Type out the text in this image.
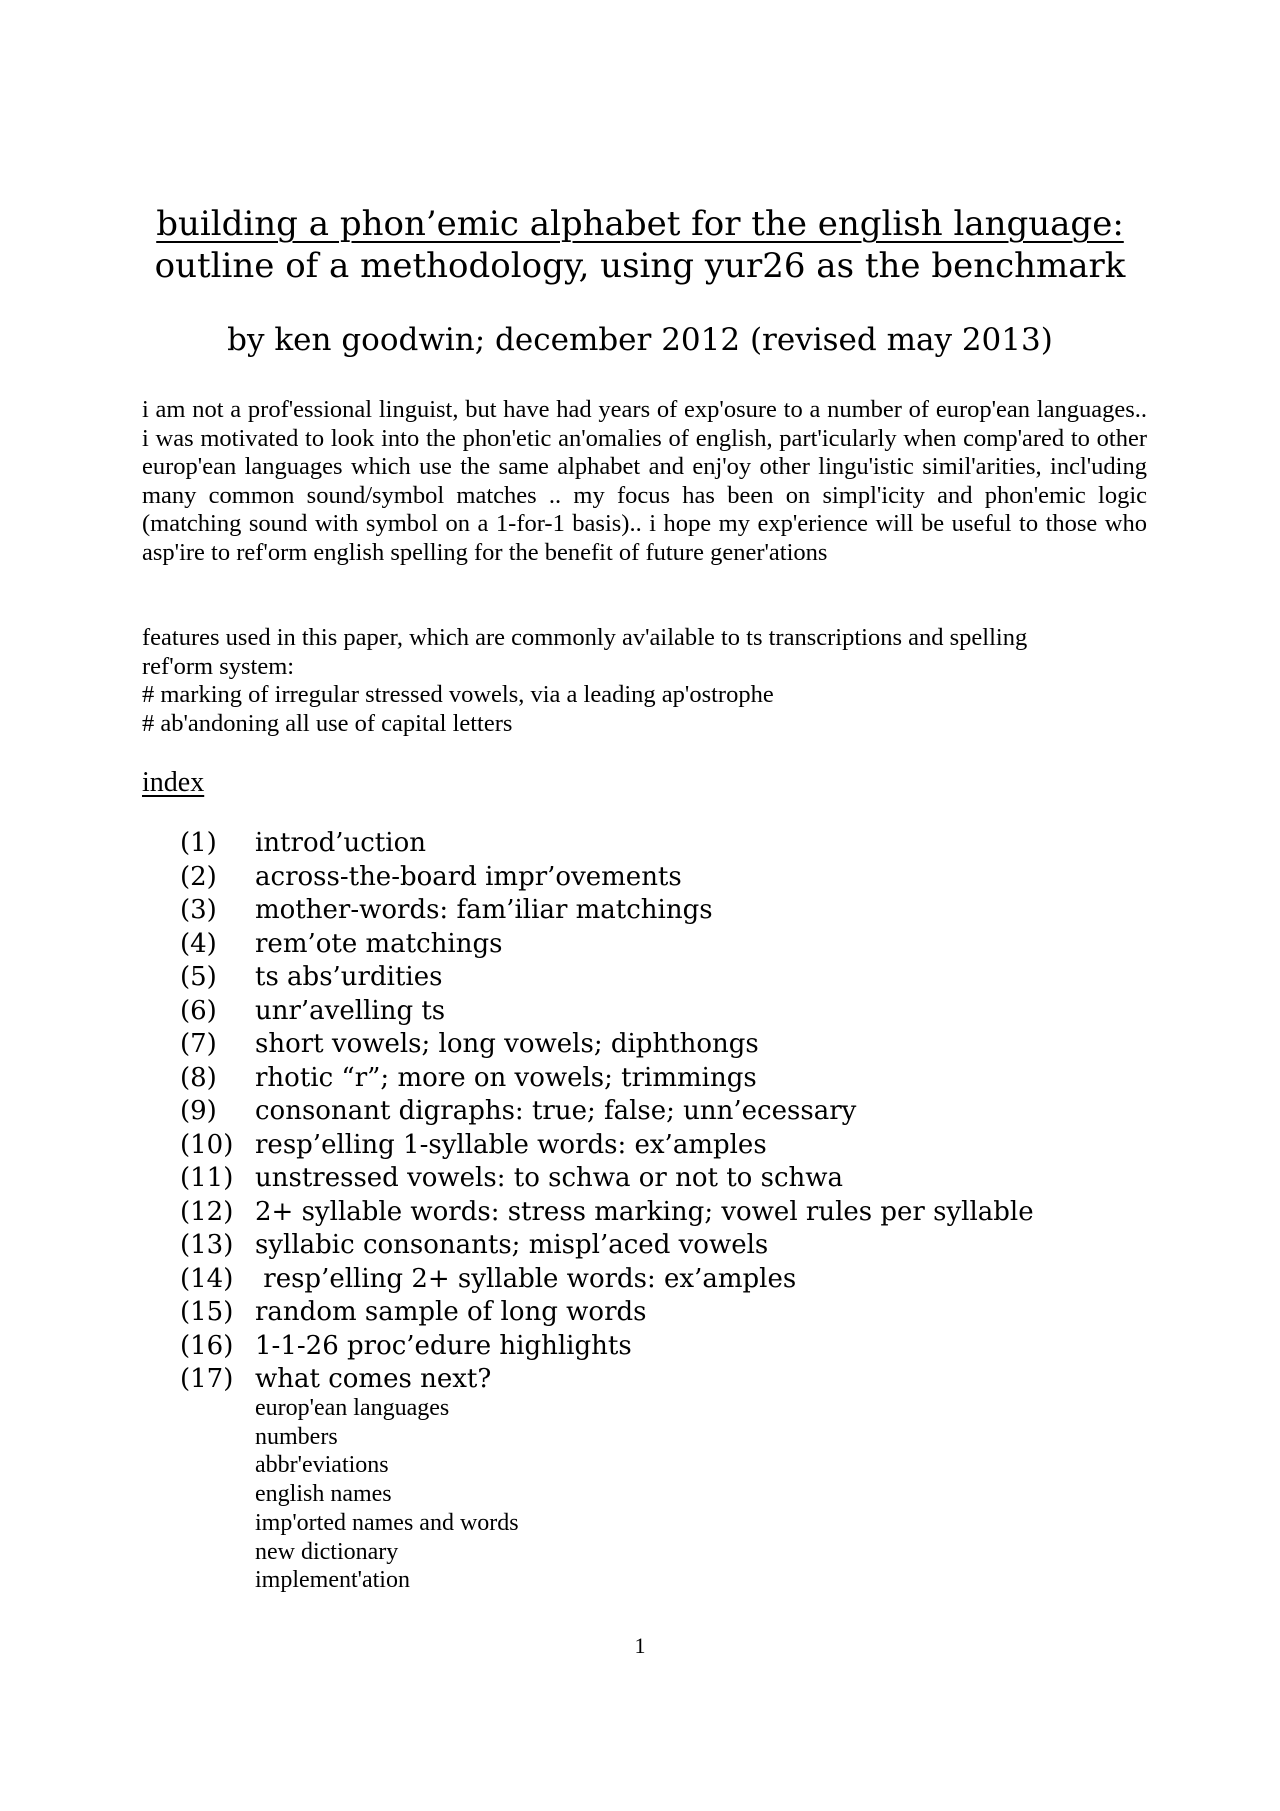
building a phon’emic alphabet for the english language:
outline of a methodology, using yur26 as the benchmark
by ken goodwin; december 2012 (revised may 2013)

i am not a prof'essional linguist, but have had years of exp'osure to a number of europ'ean languages.. i was motivated to look into the phon'etic an'omalies of english, part'icularly when comp'ared to other europ'ean languages which use the same alphabet and enj'oy other lingu'istic simil'arities, incl'uding many common sound/symbol matches .. my focus has been on simpl'icity and phon'emic logic (matching sound with symbol on a 1-for-1 basis).. i hope my exp'erience will be useful to those who asp'ire to ref'orm english spelling for the benefit of future gener'ations

features used in this paper, which are commonly av'ailable to ts transcriptions and spelling
ref'orm system:
# marking of irregular stressed vowels, via a leading ap'ostrophe
# ab'andoning all use of capital letters
index
(1)	introd’uction
(2)	across-the-board impr’ovements
(3)	mother-words: fam’iliar matchings
(4)	rem’ote matchings
(5)	ts abs’urdities
(6)	unr’avelling ts
(7)	short vowels; long vowels; diphthongs
(8)	rhotic “r”; more on vowels; trimmings
(9)	consonant digraphs: true; false; unn’ecessary
(10) resp’elling 1-syllable words: ex’amples
(11) unstressed vowels: to schwa or not to schwa
(12) 2+ syllable words: stress marking; vowel rules per syllable
(13) syllabic consonants; mispl’aced vowels
(14) resp’elling 2+ syllable words: ex’amples
(15) random sample of long words
(16) 1-1-26 proc’edure highlights
(17) what comes next?
europ'ean languages
numbers
abbr'eviations
english names
imp'orted names and words
new dictionary
implement'ation
1
